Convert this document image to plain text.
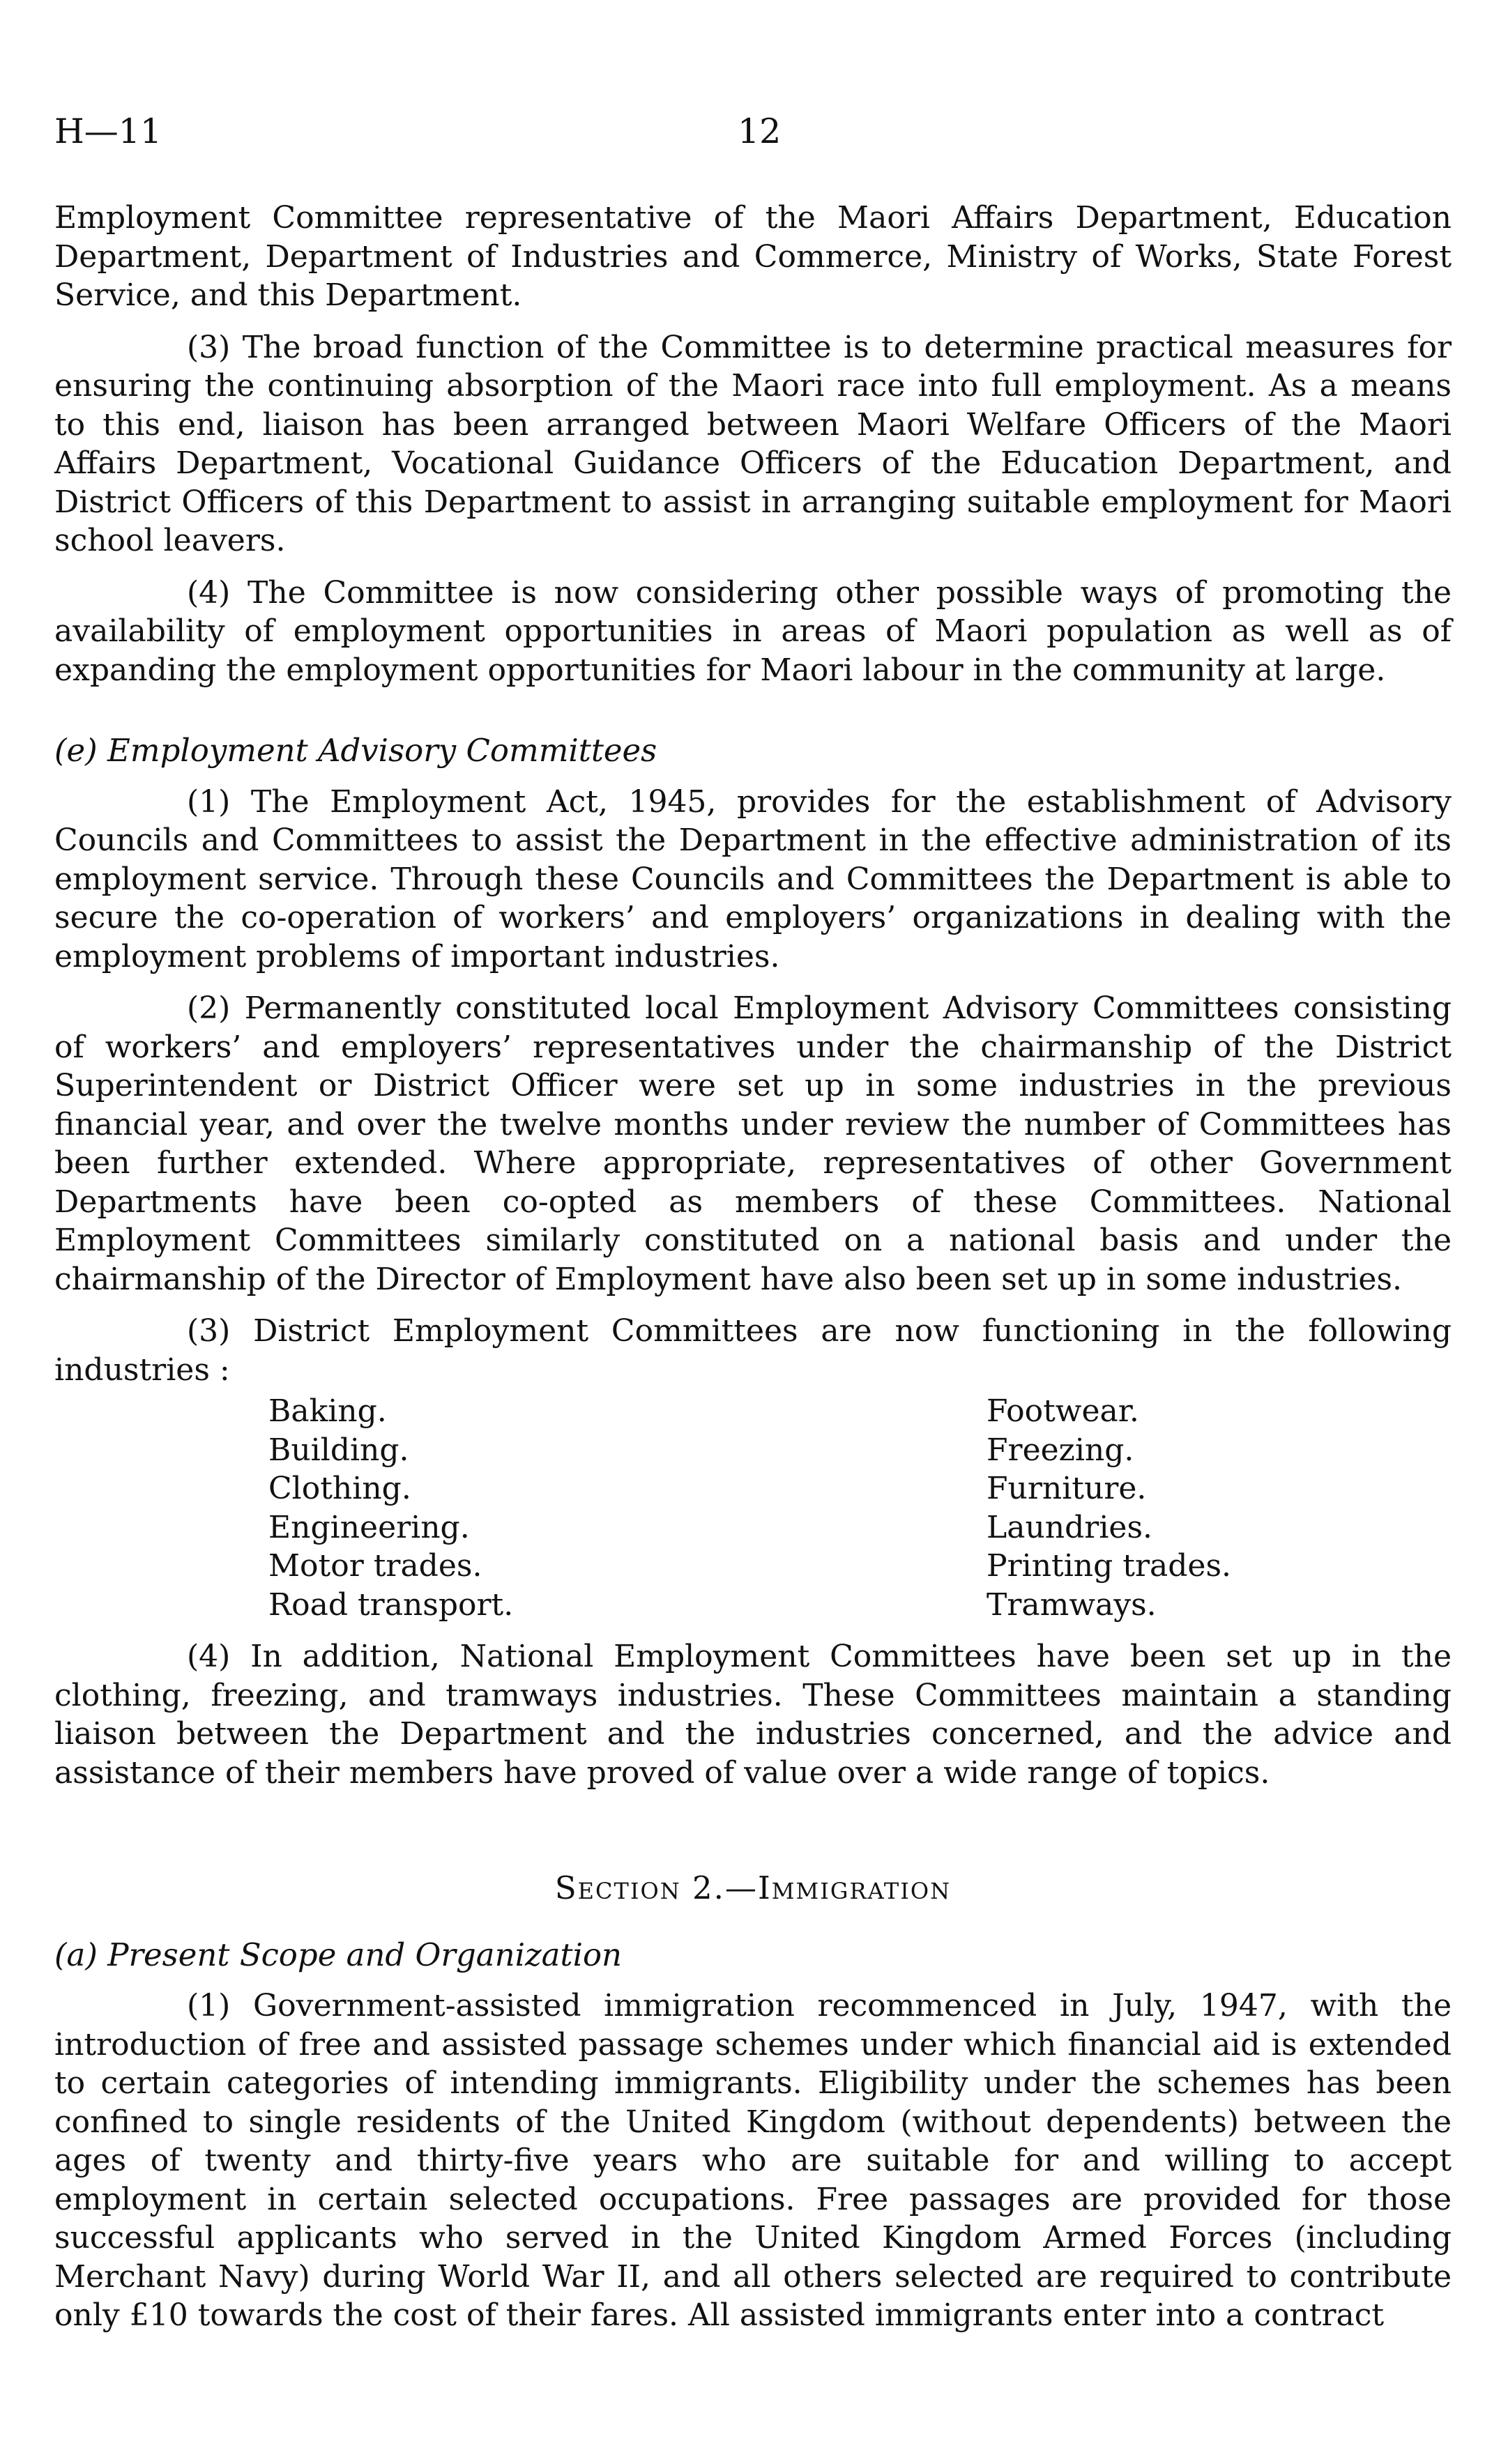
H—11	12

Employment Committee representative of the Maori Affairs Department, Education Department, Department of Industries and Commerce, Ministry of Works, State Forest Service, and this Department.

(3) The broad function of the Committee is to determine practical measures for ensuring the continuing absorption of the Maori race into full employment. As a means to this end, liaison has been arranged between Maori Welfare Officers of the Maori Affairs Department, Vocational Guidance Officers of the Education Department, and District Officers of this Department to assist in arranging suitable employment for Maori school leavers.

(4) The Committee is now considering other possible ways of promoting the availability of employment opportunities in areas of Maori population as well as of expanding the employment opportunities for Maori labour in the community at large.

(e) Employment Advisory Committees

(1) The Employment Act, 1945, provides for the establishment of Advisory Councils and Committees to assist the Department in the effective administration of its employment service. Through these Councils and Committees the Department is able to secure the co-operation of workers’ and employers’ organizations in dealing with the employment problems of important industries.

(2) Permanently constituted local Employment Advisory Committees consisting of workers’ and employers’ representatives under the chairmanship of the District Superintendent or District Officer were set up in some industries in the previous financial year, and over the twelve months under review the number of Committees has been further extended. Where appropriate, representatives of other Government Departments have been co-opted as members of these Committees. National Employment Committees similarly constituted on a national basis and under the chairmanship of the Director of Employment have also been set up in some industries.

(3) District Employment Committees are now functioning in the following industries :

Baking.	Footwear.
Building.	Freezing.
Clothing.	Furniture.
Engineering.	Laundries.
Motor trades.	Printing trades.
Road transport.	Tramways.

(4) In addition, National Employment Committees have been set up in the clothing, freezing, and tramways industries. These Committees maintain a standing liaison between the Department and the industries concerned, and the advice and assistance of their members have proved of value over a wide range of topics.

Section 2.—Immigration
(a) Present Scope and Organization

(1) Government-assisted immigration recommenced in July, 1947, with the introduction of free and assisted passage schemes under which financial aid is extended to certain categories of intending immigrants. Eligibility under the schemes has been confined to single residents of the United Kingdom (without dependents) between the ages of twenty and thirty-five years who are suitable for and willing to accept employment in certain selected occupations. Free passages are provided for those successful applicants who served in the United Kingdom Armed Forces (including Merchant Navy) during World War II, and all others selected are required to contribute only £10 towards the cost of their fares. All assisted immigrants enter into a contract
